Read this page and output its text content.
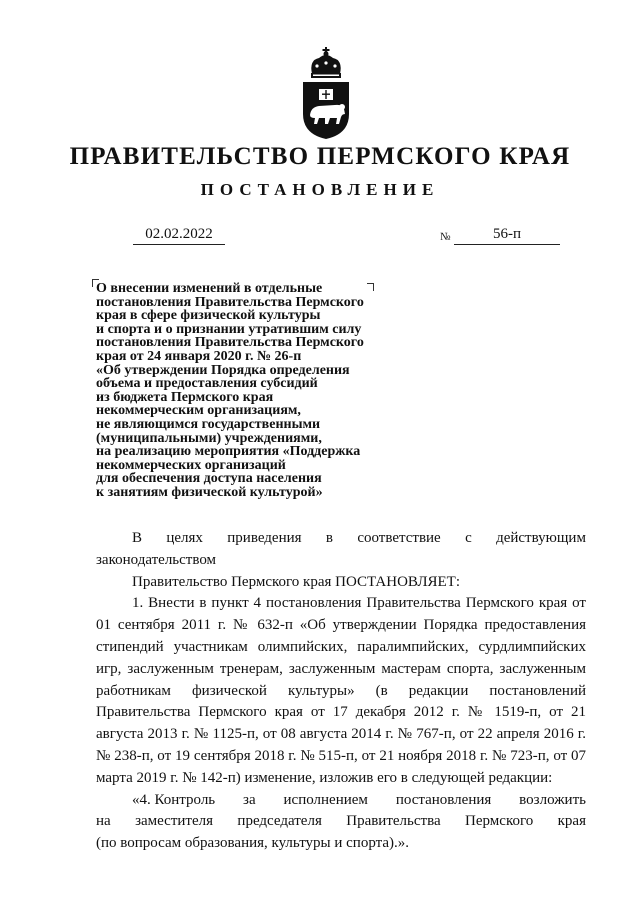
ПРАВИТЕЛЬСТВО ПЕРМСКОГО КРАЯ
ПОСТАНОВЛЕНИЕ
02.02.2022	№	56-п
О внесении изменений в отдельные
постановления Правительства Пермского
края в сфере физической культуры
и спорта и о признании утратившим силу
постановления Правительства Пермского
края от 24 января 2020 г. № 26-п
«Об утверждении Порядка определения
объема и предоставления субсидий
из бюджета Пермского края
некоммерческим организациям,
не являющимся государственными
(муниципальными) учреждениями,
на реализацию мероприятия «Поддержка
некоммерческих организаций
для обеспечения доступа населения
к занятиям физической культурой»
В целях приведения в соответствие с действующим
законодательством
Правительство Пермского края ПОСТАНОВЛЯЕТ:
1. Внести в пункт 4 постановления Правительства Пермского края от 01 сентября 2011 г. № 632-п «Об утверждении Порядка предоставления стипендий участникам олимпийских, паралимпийских, сурдлимпийских игр, заслуженным тренерам, заслуженным мастерам спорта, заслуженным работникам физической культуры» (в редакции постановлений Правительства Пермского края от 17 декабря 2012 г. № 1519-п, от 21 августа 2013 г. № 1125-п, от 08 августа 2014 г. № 767-п, от 22 апреля 2016 г. № 238-п, от 19 сентября 2018 г. № 515-п, от 21 ноября 2018 г. № 723-п, от 07 марта 2019 г. № 142-п) изменение, изложив его в следующей редакции:
«4. Контроль за исполнением постановления возложить
на заместителя председателя Правительства Пермского края
(по вопросам образования, культуры и спорта).».
